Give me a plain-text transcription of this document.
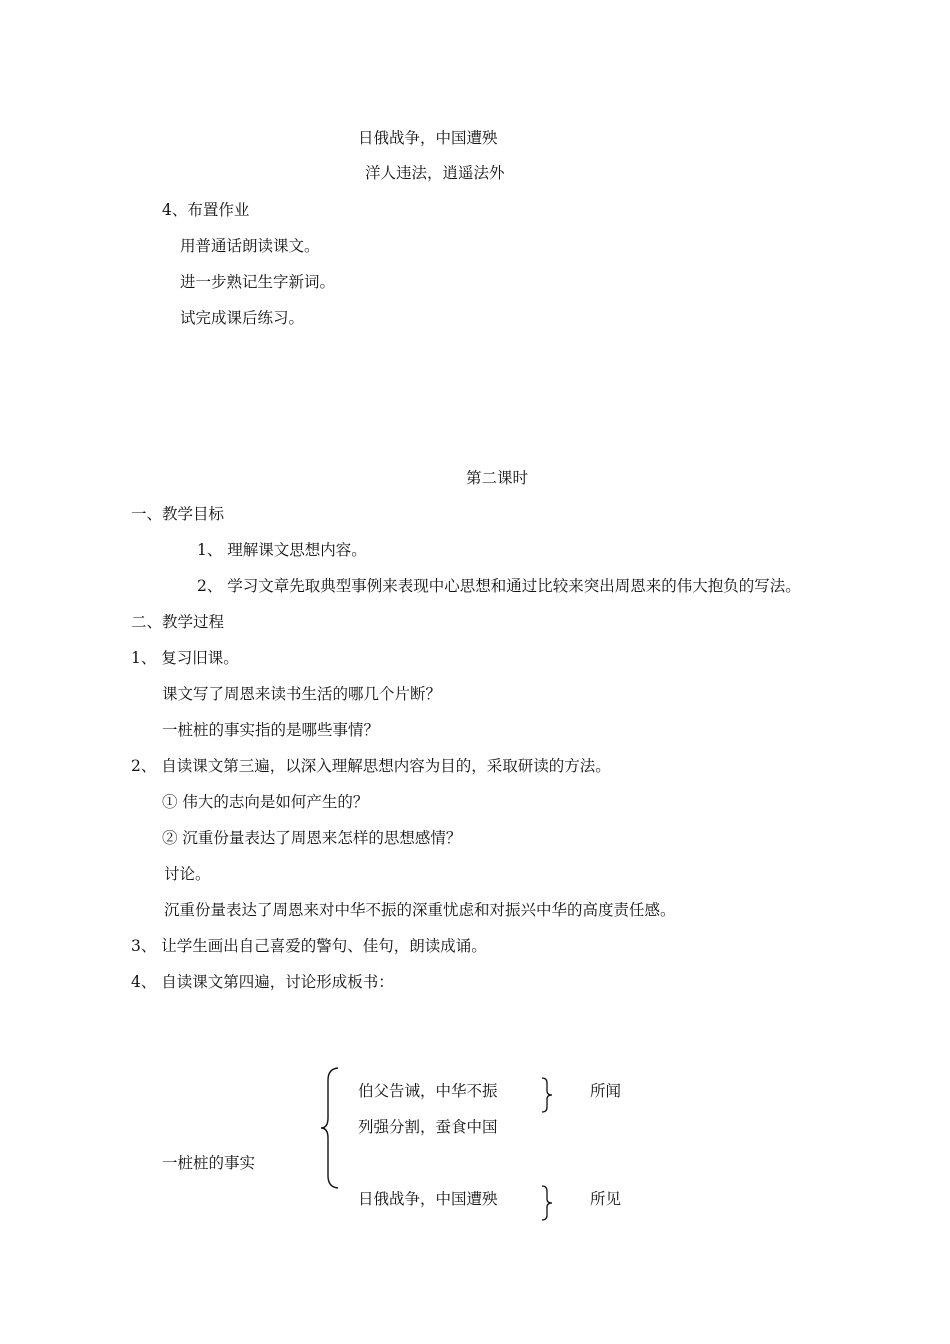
日俄战争，中国遭殃
洋人违法，逍遥法外
4、布置作业
用普通话朗读课文。
进一步熟记生字新词。
试完成课后练习。
第二课时
一、教学目标
1、 理解课文思想内容。
2、 学习文章先取典型事例来表现中心思想和通过比较来突出周恩来的伟大抱负的写法。
二、教学过程
1、 复习旧课。
课文写了周恩来读书生活的哪几个片断？
一桩桩的事实指的是哪些事情？
2、 自读课文第三遍，以深入理解思想内容为目的，采取研读的方法。
① 伟大的志向是如何产生的？
② 沉重份量表达了周恩来怎样的思想感情？
讨论。
沉重份量表达了周恩来对中华不振的深重忧虑和对振兴中华的高度责任感。
3、 让学生画出自己喜爱的警句、佳句，朗读成诵。
4、 自读课文第四遍，讨论形成板书：
一桩桩的事实
伯父告诫，中华不振
列强分割，蚕食中国
日俄战争，中国遭殃
所闻
所见
